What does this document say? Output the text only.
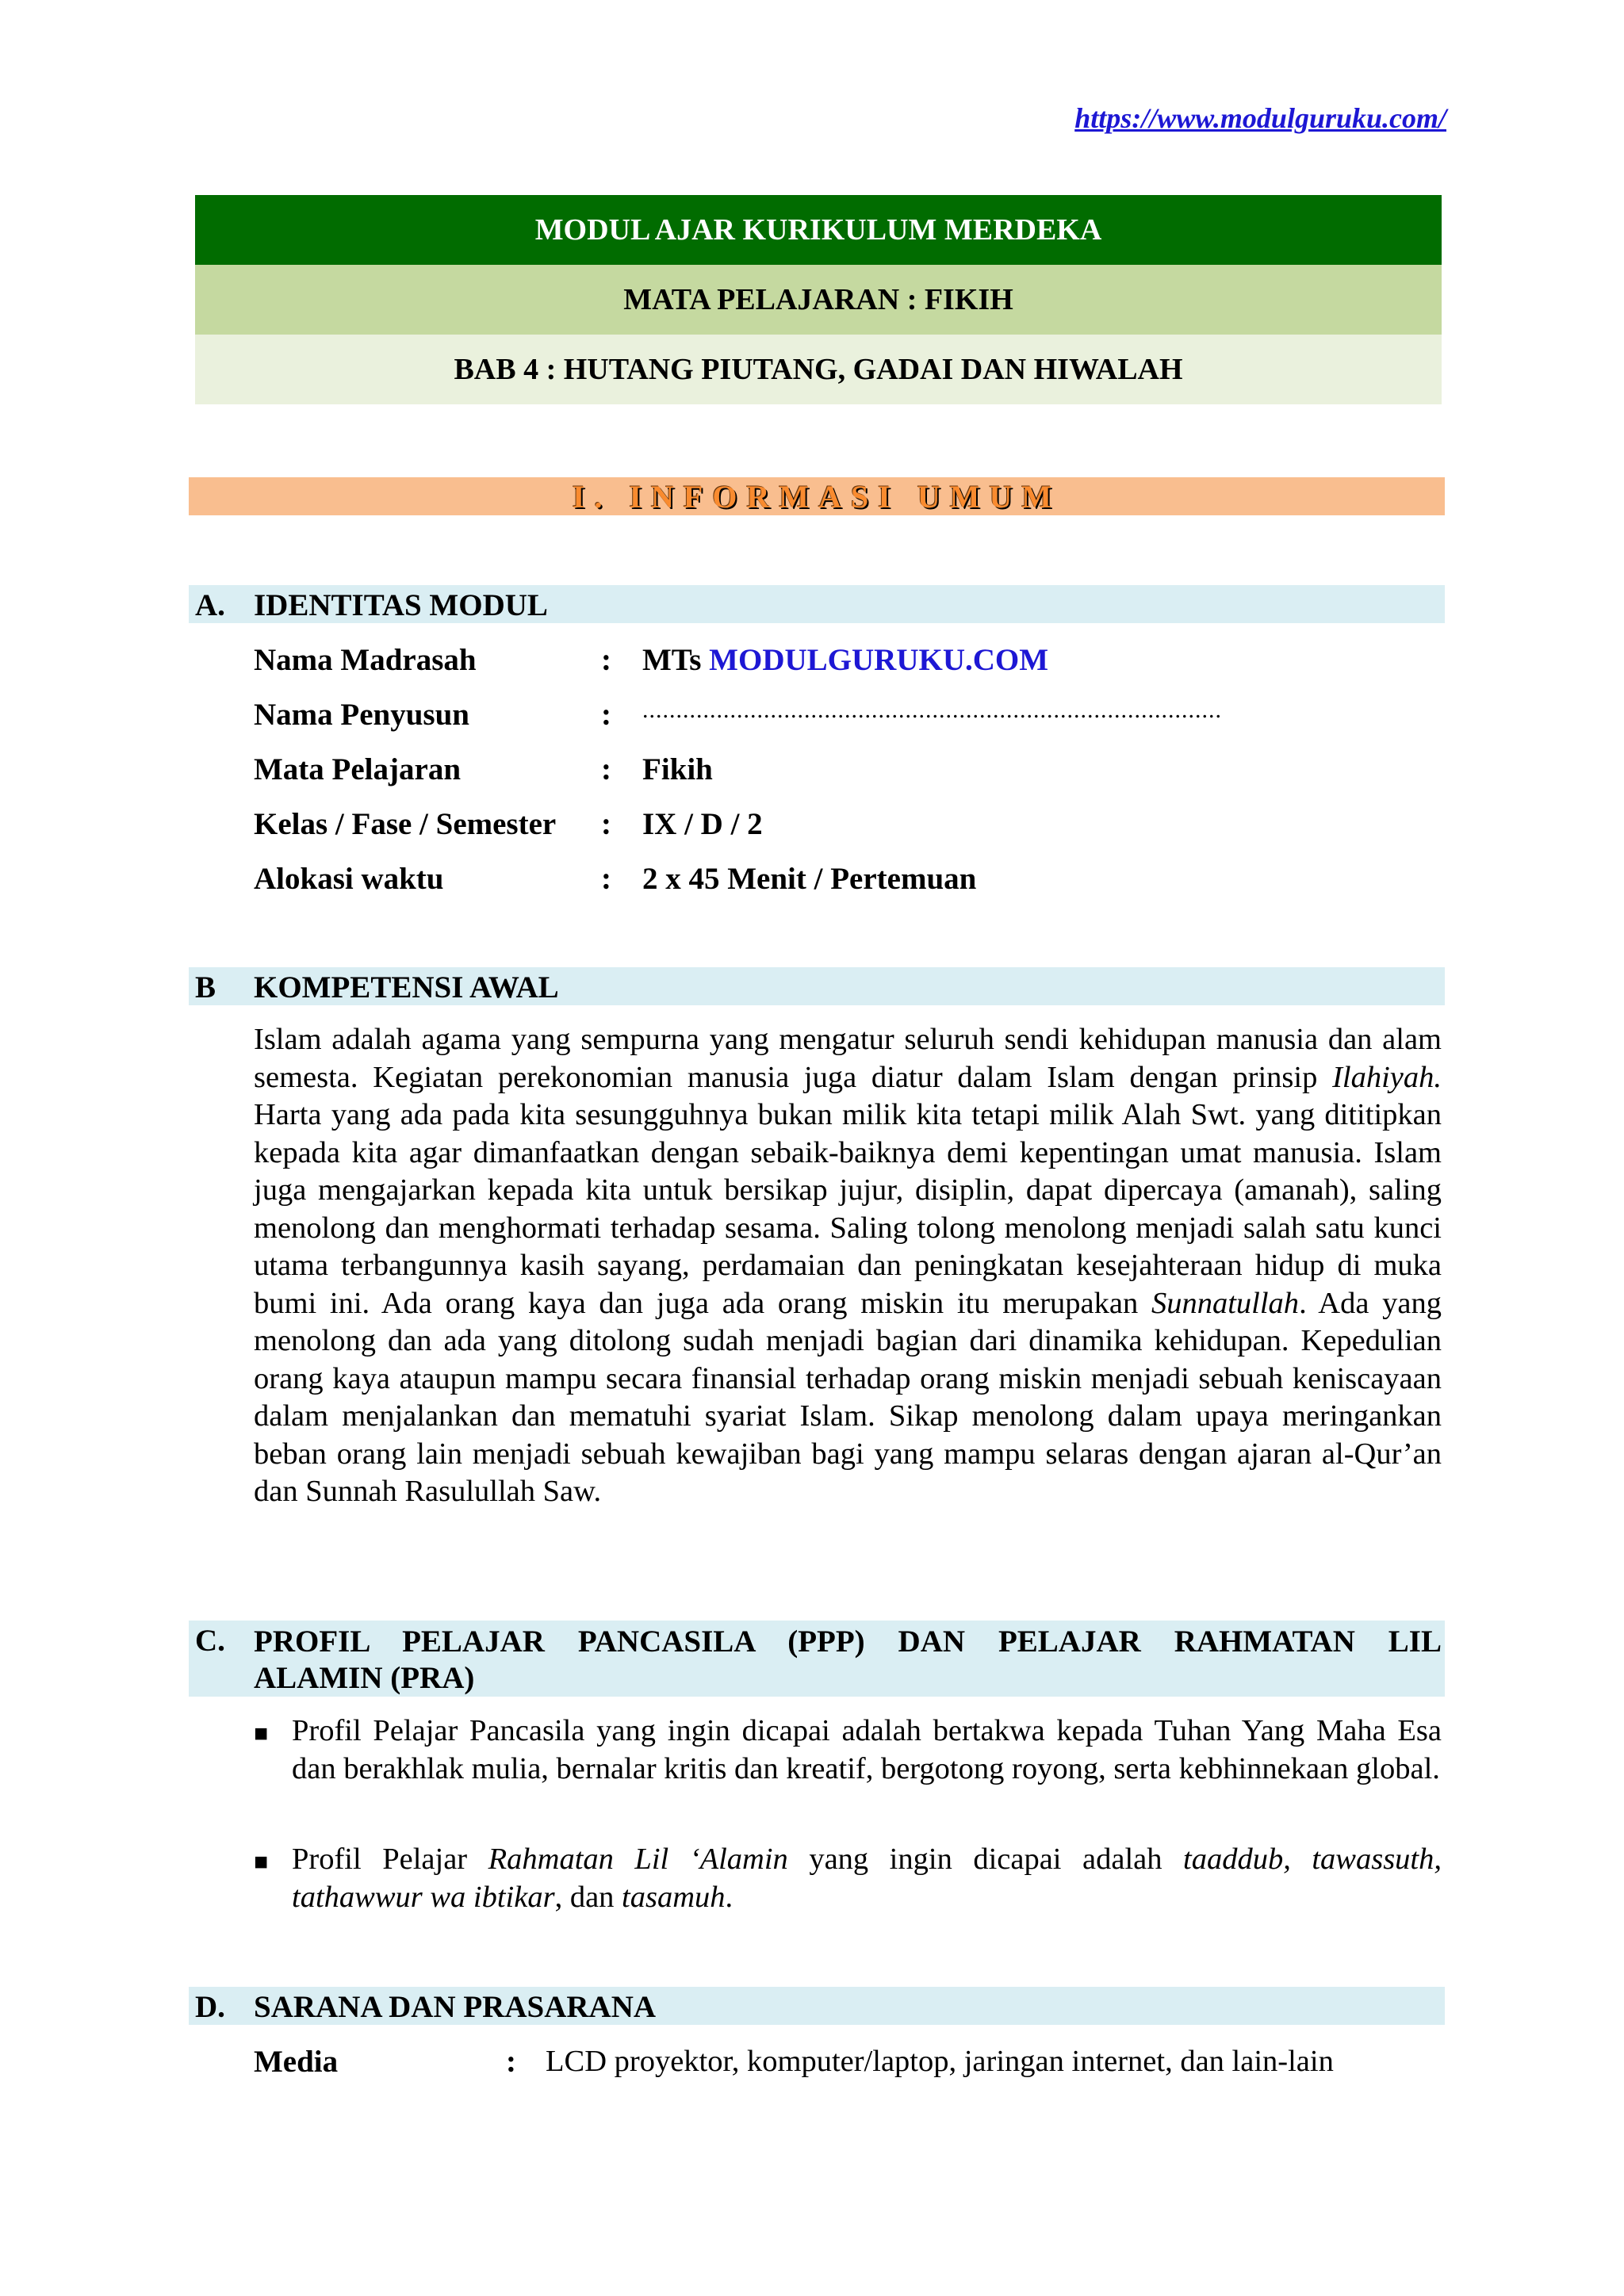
https://www.modulguruku.com/
MODUL AJAR KURIKULUM MERDEKA
MATA PELAJARAN : FIKIH
BAB 4 : HUTANG PIUTANG, GADAI DAN HIWALAH
I. INFORMASI UMUM
A. IDENTITAS MODUL
Nama Madrasah	: MTs MODULGURUKU.COM
Nama Penyusun	: ......................................................................................
Mata Pelajaran	: Fikih
Kelas / Fase / Semester : IX / D / 2
Alokasi waktu	: 2 x 45 Menit / Pertemuan
B KOMPETENSI AWAL
Islam adalah agama yang sempurna yang mengatur seluruh sendi kehidupan manusia dan alam semesta. Kegiatan perekonomian manusia juga diatur dalam Islam dengan prinsip Ilahiyah. Harta yang ada pada kita sesungguhnya bukan milik kita tetapi milik Alah Swt. yang dititipkan kepada kita agar dimanfaatkan dengan sebaik-baiknya demi kepentingan umat manusia. Islam juga mengajarkan kepada kita untuk bersikap jujur, disiplin, dapat dipercaya (amanah), saling menolong dan menghormati terhadap sesama. Saling tolong menolong menjadi salah satu kunci utama terbangunnya kasih sayang, perdamaian dan peningkatan kesejahteraan hidup di muka bumi ini. Ada orang kaya dan juga ada orang miskin itu merupakan Sunnatullah. Ada yang menolong dan ada yang ditolong sudah menjadi bagian dari dinamika kehidupan. Kepedulian orang kaya ataupun mampu secara finansial terhadap orang miskin menjadi sebuah keniscayaan dalam menjalankan dan mematuhi syariat Islam. Sikap menolong dalam upaya meringankan beban orang lain menjadi sebuah kewajiban bagi yang mampu selaras dengan ajaran al-Qur’an dan Sunnah Rasulullah Saw.
C. PROFIL PELAJAR PANCASILA (PPP) DAN PELAJAR RAHMATAN LIL
ALAMIN (PRA)
■ Profil Pelajar Pancasila yang ingin dicapai adalah bertakwa kepada Tuhan Yang Maha Esa dan berakhlak mulia, bernalar kritis dan kreatif, bergotong royong, serta kebhinnekaan global.
■ Profil Pelajar Rahmatan Lil ‘Alamin yang ingin dicapai adalah taaddub, tawassuth, tathawwur wa ibtikar, dan tasamuh.
D. SARANA DAN PRASARANA
Media	: LCD proyektor, komputer/laptop, jaringan internet, dan lain-lain
